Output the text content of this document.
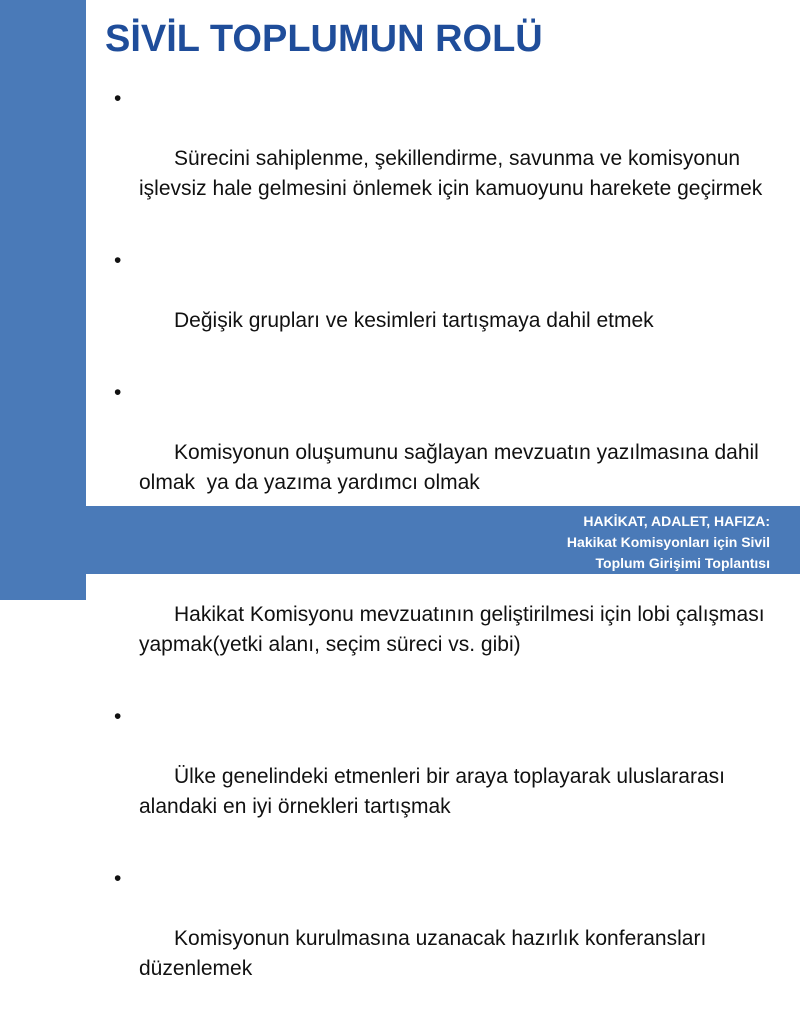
SİVİL TOPLUMUN ROLÜ

•

Sürecini sahiplenme, şekillendirme, savunma ve komisyonun işlevsiz hale gelmesini önlemek için kamuoyunu harekete geçirmek

•

Değişik grupları ve kesimleri tartışmaya dahil etmek

•

Komisyonun oluşumunu sağlayan mevzuatın yazılmasına dahil olmak  ya da yazıma yardımcı olmak

Hakikat Komisyonu mevzuatının geliştirilmesi için lobi çalışması yapmak(yetki alanı, seçim süreci vs. gibi)

•

Ülke genelindeki etmenleri bir araya toplayarak uluslararası alandaki en iyi örnekleri tartışmak

•

Komisyonun kurulmasına uzanacak hazırlık konferansları düzenlemek

HAKİKAT, ADALET, HAFIZA:
Hakikat Komisyonları için Sivil
Toplum Girişimi Toplantısı
